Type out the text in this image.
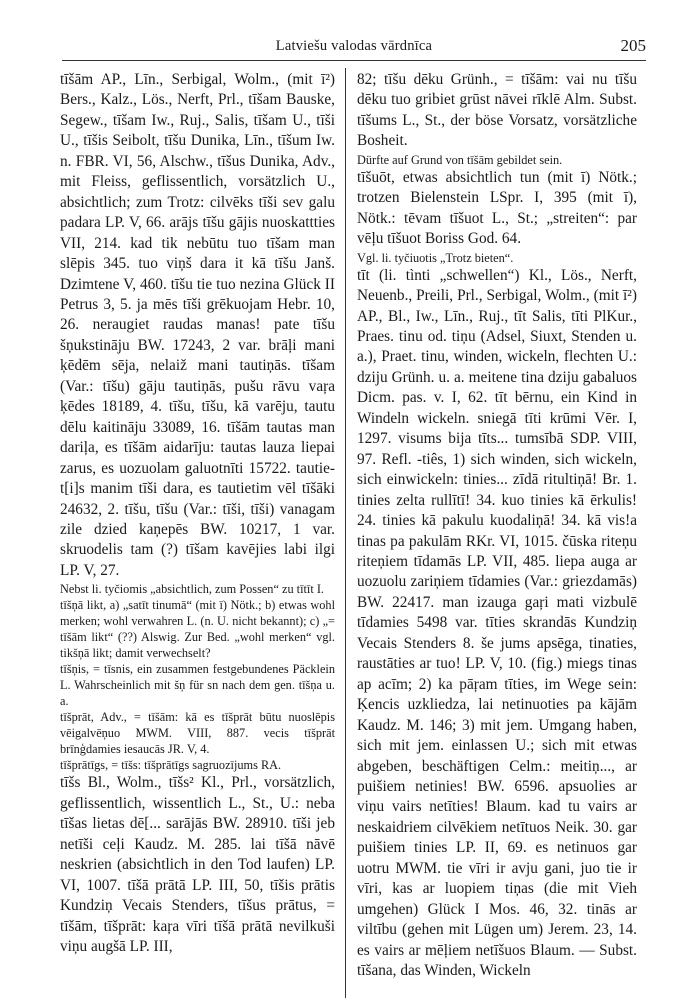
Latviešu valodas vārdnīca	205

tīšām AP., Līn., Serbigal, Wolm., (mit ī²) Bers., Kalz., Lös., Nerft, Prl., tīšam Bauske, Segew., tīšam Iw., Ruj., Salis, tīšam U., tīši U., tīšis Seibolt, tīšu Dunika, Līn., tīšum Iw. n. FBR. VI, 56, Alschw., tīšus Dunika, Adv., mit Fleiss, geflissentlich, vorsätzlich U., absichtlich; zum Trotz: cilvēks tīši sev galu padara LP. V, 66. arājs tīšu gājis nuoskattties VII, 214. kad tik nebūtu tuo tīšam man slēpis 345. tuo viņš dara it kā tīšu Janš. Dzimtene V, 460. tīšu tie tuo nezina Glück II Petrus 3, 5. ja mēs tīši grēkuojam Hebr. 10, 26. neraugiet raudas manas! pate tīšu šņukstināju BW. 17243, 2 var. brāļi mani ķēdēm sēja, nelaiž mani tautiņās. tīšam (Var.: tīšu) gāju tautiņās, pušu rāvu vaŗa ķēdes 18189, 4. tīšu, tīšu, kā varēju, tautu dēlu kaitināju 33089, 16. tīšām tautas man dariļa, es tīšām aidarīju: tautas lauza liepai zarus, es uozuolam galuotnīti 15722. tautie-t[i]s manim tīši dara, es tautietim vēl tīšāki 24632, 2. tīšu, tīšu (Var.: tīši, tīši) vanagam zile dzied kaņepēs BW. 10217, 1 var. skruodelis tam (?) tīšam kavējies labi ilgi LP. V, 27.

Nebst li. tyčiomis „absichtlich, zum Possen“ zu tītīt I.

tīšņā likt, a) „satīt tinumā“ (mit ī) Nötk.; b) etwas wohl merken; wohl verwahren L. (n. U. nicht bekannt); c) „= tīšām likt“ (??) Alswig. Zur Bed. „wohl merken“ vgl. tikšņā likt; damit verwechselt?

tīšņis, = tīsnis, ein zusammen festgebundenes Päcklein L. Wahrscheinlich mit šņ für sn nach dem gen. tīšņa u. a.

tīšprāt, Adv., = tīšām: kā es tīšprāt būtu nuoslēpis vēigalvēņuo MWM. VIII, 887. vecis tīšprāt brīnģdamies iesaucās JR. V, 4.

tīšprātīgs, = tīšs: tīšprātīgs sagruozījums RA.

tīšs Bl., Wolm., tīšs² Kl., Prl., vorsätzlich, geflissentlich, wissentlich L., St., U.: neba tīšas lietas dē[... sarājās BW. 28910. tīši jeb netīši ceļi Kaudz. M. 285. lai tīšā nāvē neskrien (absichtlich in den Tod laufen) LP. VI, 1007. tīšā prātā LP. III, 50, tīšis prātis Kundziņ Vecais Stenders, tīšus prātus, = tīšām, tīšprāt: kaŗa vīri tīšā prātā nevilkuši viņu augšā LP. III,

82; tīšu dēku Grünh., = tīšām: vai nu tīšu dēku tuo gribiet grūst nāvei rīklē Alm. Subst. tīšums L., St., der böse Vorsatz, vorsätzliche Bosheit.

Dürfte auf Grund von tīšām gebildet sein.

tīšuōt, etwas absichtlich tun (mit ī) Nötk.; trotzen Bielenstein LSpr. I, 395 (mit ī), Nötk.: tēvam tīšuot L., St.; „streiten“: par vēļu tīšuot Boriss God. 64.

Vgl. li. tyčiuotis „Trotz bieten“.

tīt (li. tìnti „schwellen“) Kl., Lös., Nerft, Neuenb., Preili, Prl., Serbigal, Wolm., (mit ī²) AP., Bl., Iw., Līn., Ruj., tīt Salis, tīti PlKur., Praes. tinu od. tiņu (Adsel, Siuxt, Stenden u. a.), Praet. tinu, winden, wickeln, flechten U.: dziju Grünh. u. a. meitene tina dziju gabaluos Dicm. pas. v. I, 62. tīt bērnu, ein Kind in Windeln wickeln. sniegā tīti krūmi Vēr. I, 1297. visums bija tīts... tumsībā SDP. VIII, 97. Refl. -tiês, 1) sich winden, sich wickeln, sich einwickeln: tinies... zīdā ritultiņā! Br. 1. tinies zelta rullītī! 34. kuo tinies kā ērkulis! 24. tinies kā pakulu kuodaliņā! 34. kā vis!a tinas pa pakulām RKr. VI, 1015. čūska riteņu riteņiem tīdamās LP. VII, 485. liepa auga ar uozuolu zariņiem tīdamies (Var.: griezdamās) BW. 22417. man izauga gaŗi mati vizbulē tīdamies 5498 var. tīties skrandās Kundziņ Vecais Stenders 8. še jums apsēga, tinaties, raustāties ar tuo! LP. V, 10. (fig.) miegs tinas ap acīm; 2) ka pāŗam tīties, im Wege sein: Ķencis uzkliedza, lai netinuoties pa kājām Kaudz. M. 146; 3) mit jem. Umgang haben, sich mit jem. einlassen U.; sich mit etwas abgeben, beschäftigen Celm.: meitiņ..., ar puišiem netinies! BW. 6596. apsuolies ar viņu vairs netīties! Blaum. kad tu vairs ar neskaidriem cilvēkiem netītuos Neik. 30. gar puišiem tinies LP. II, 69. es netinuos gar uotru MWM. tie vīri ir avju gani, juo tie ir vīri, kas ar luopiem tiņas (die mit Vieh umgehen) Glück I Mos. 46, 32. tinās ar viltību (gehen mit Lügen um) Jerem. 23, 14. es vairs ar mēļiem netīšuos Blaum. — Subst. tīšana, das Winden, Wickeln
